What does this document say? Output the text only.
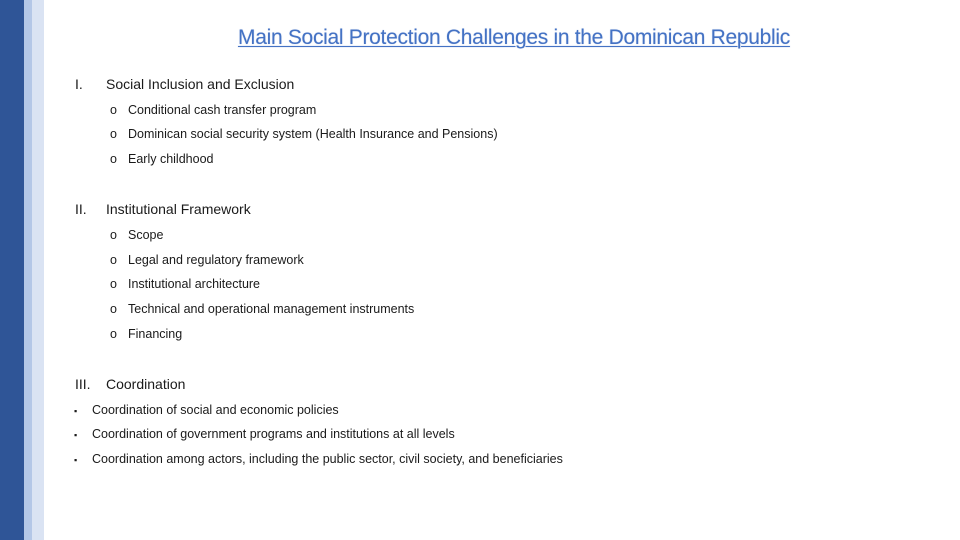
Main Social Protection Challenges in the Dominican Republic
I. Social Inclusion and Exclusion
o Conditional cash transfer program
o Dominican social security system (Health Insurance and Pensions)
o Early childhood
II. Institutional Framework
o Scope
o Legal and regulatory framework
o Institutional architecture
o Technical and operational management instruments
o Financing
III. Coordination
▪ Coordination of social and economic policies
▪ Coordination of government programs and institutions at all levels
▪ Coordination among actors, including the public sector, civil society, and beneficiaries
